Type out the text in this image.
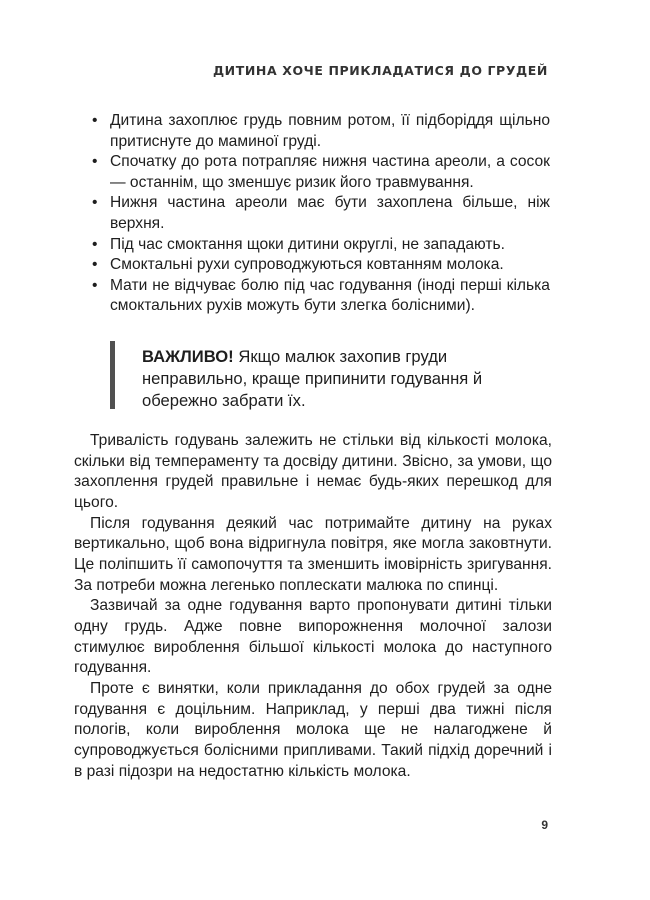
ДИТИНА ХОЧЕ ПРИКЛАДАТИСЯ ДО ГРУДЕЙ
• Дитина захоплює грудь повним ротом, її підборіддя щільно притиснуте до маминої груді.
• Спочатку до рота потрапляє нижня частина ареоли, а сосок — останнім, що зменшує ризик його травмування.
• Нижня частина ареоли має бути захоплена більше, ніж верхня.
• Під час смоктання щоки дитини округлі, не западають.
• Смоктальні рухи супроводжуються ковтанням молока.
• Мати не відчуває болю під час годування (іноді перші кілька смоктальних рухів можуть бути злегка болісними).
ВАЖЛИВО! Якщо малюк захопив груди неправильно, краще припинити годування й обережно забрати їх.

Тривалість годувань залежить не стільки від кількості молока, скільки від темпераменту та досвіду дитини. Звісно, за умови, що захоплення грудей правильне і немає будь-яких перешкод для цього.

Після годування деякий час потримайте дитину на руках вертикально, щоб вона відригнула повітря, яке могла заковтнути. Це поліпшить її самопочуття та зменшить імовірність зригування. За потреби можна легенько поплескати малюка по спинці.

Зазвичай за одне годування варто пропонувати дитині тільки одну грудь. Адже повне випорожнення молочної залози стимулює вироблення більшої кількості молока до наступного годування.

Проте є винятки, коли прикладання до обох грудей за одне годування є доцільним. Наприклад, у перші два тижні після пологів, коли вироблення молока ще не налагоджене й супроводжується болісними припливами. Такий підхід доречний і в разі підозри на недостатню кількість молока.

9
